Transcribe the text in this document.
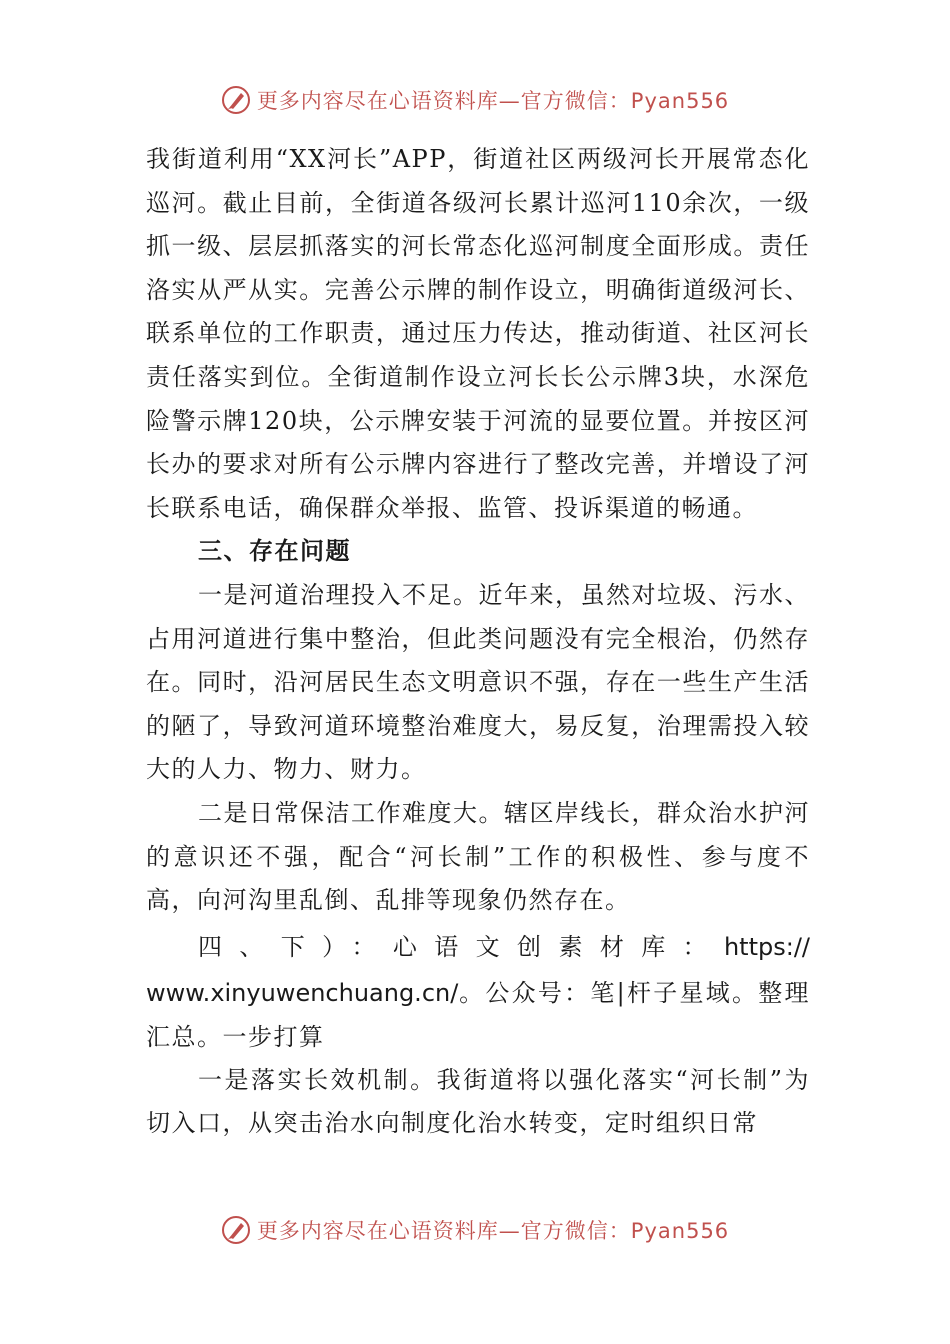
更多内容尽在心语资料库—官方微信：Pyan556

我街道利用“XX河长”APP，街道社区两级河长开展常态化巡河。截止目前，全街道各级河长累计巡河110余次，一级抓一级、层层抓落实的河长常态化巡河制度全面形成。责任洛实从严从实。完善公示牌的制作设立，明确街道级河长、联系单位的工作职责，通过压力传达，推动街道、社区河长责任落实到位。全街道制作设立河长长公示牌3块，水深危险警示牌120块，公示牌安装于河流的显要位置。并按区河长办的要求对所有公示牌内容进行了整改完善，并增设了河长联系电话，确保群众举报、监管、投诉渠道的畅通。

三、存在问题

一是河道治理投入不足。近年来，虽然对垃圾、污水、占用河道进行集中整治，但此类问题没有完全根治，仍然存在。同时，沿河居民生态文明意识不强，存在一些生产生活的陋了，导致河道环境整治难度大，易反复，治理需投入较大的人力、物力、财力。

二是日常保洁工作难度大。辖区岸线长，群众治水护河的意识还不强，配合“河长制”工作的积极性、参与度不高，向河沟里乱倒、乱排等现象仍然存在。

四、下）：心语文创素材库：https://

www.xinyuwenchuang.cn/。公众号：笔|杆子星域。整理汇总。一步打算

一是落实长效机制。我街道将以强化落实“河长制”为切入口，从突击治水向制度化治水转变，定时组织日常

更多内容尽在心语资料库—官方微信：Pyan556
